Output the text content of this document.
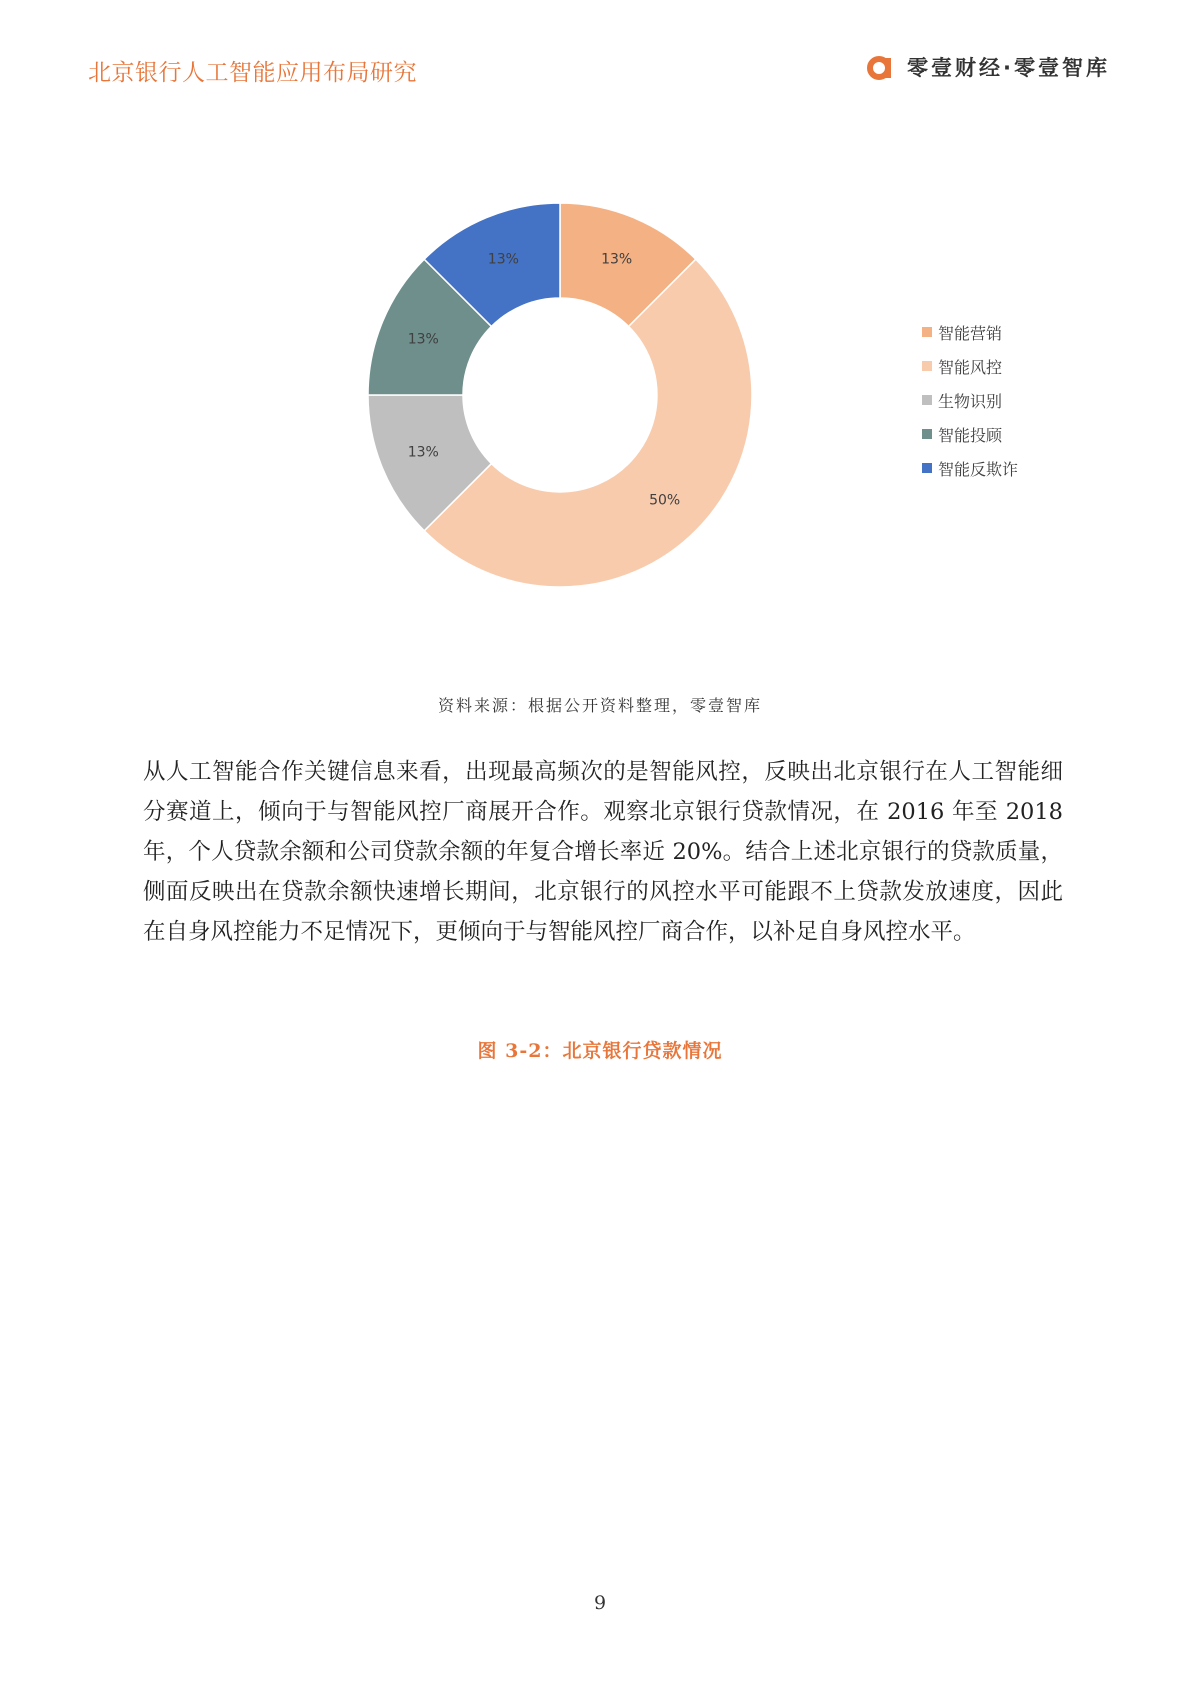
北京银行人工智能应用布局研究	零壹财经·零壹智库
13%
50%
13%
13%
13%
智能营销
智能风控
生物识别
智能投顾
智能反欺诈
资料来源：根据公开资料整理，零壹智库
从人工智能合作关键信息来看，出现最高频次的是智能风控，反映出北京银行在人工智能细分赛道上，倾向于与智能风控厂商展开合作。观察北京银行贷款情况，在 2016 年至 2018 年，个人贷款余额和公司贷款余额的年复合增长率近 20%。结合上述北京银行的贷款质量，侧面反映出在贷款余额快速增长期间，北京银行的风控水平可能跟不上贷款发放速度，因此在自身风控能力不足情况下，更倾向于与智能风控厂商合作，以补足自身风控水平。
图 3-2：北京银行贷款情况
9
